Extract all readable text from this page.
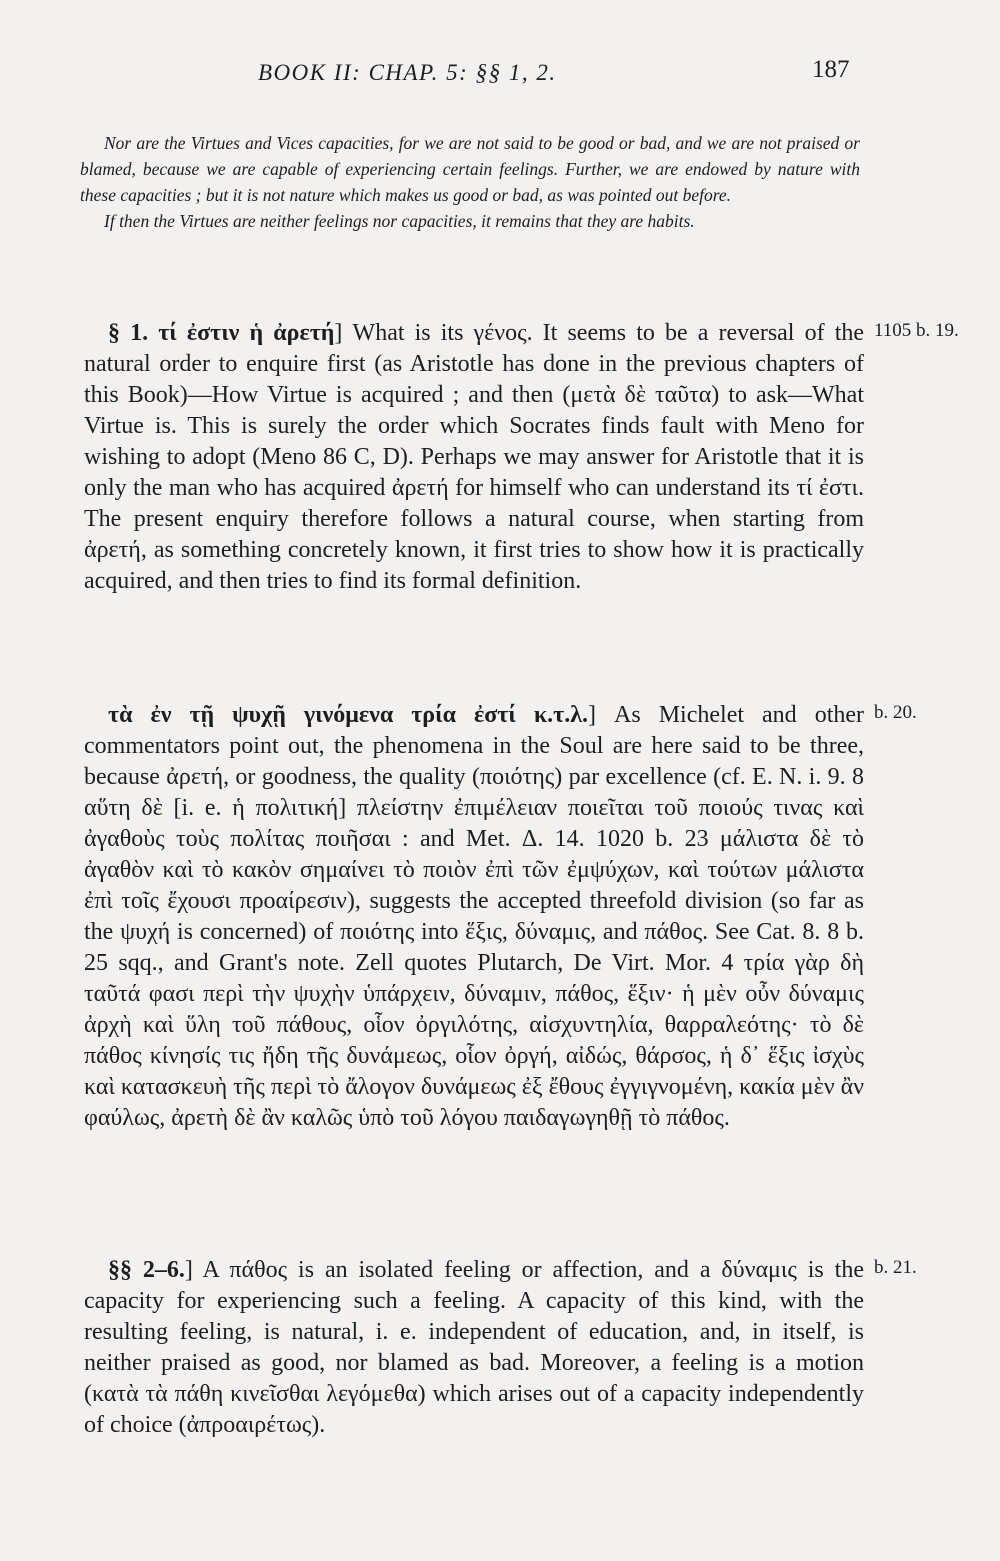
BOOK II: CHAP. 5: §§ 1, 2.	187

Nor are the Virtues and Vices capacities, for we are not said to be good or bad, and we are not praised or blamed, because we are capable of experiencing certain feelings. Further, we are endowed by nature with these capacities ; but it is not nature which makes us good or bad, as was pointed out before.

If then the Virtues are neither feelings nor capacities, it remains that they are habits.

1105 b. 19.

§ 1. τί ἐστιν ἡ ἀρετή] What is its γένος. It seems to be a reversal of the natural order to enquire first (as Aristotle has done in the previous chapters of this Book)—How Virtue is acquired ; and then (μετὰ δὲ ταῦτα) to ask—What Virtue is. This is surely the order which Socrates finds fault with Meno for wishing to adopt (Meno 86 C, D). Perhaps we may answer for Aristotle that it is only the man who has acquired ἀρετή for himself who can understand its τί ἐστι. The present enquiry therefore follows a natural course, when starting from ἀρετή, as something concretely known, it first tries to show how it is practically acquired, and then tries to find its formal definition.

b. 20.

τὰ ἐν τῇ ψυχῇ γινόμενα τρία ἐστί κ.τ.λ.] As Michelet and other commentators point out, the phenomena in the Soul are here said to be three, because ἀρετή, or goodness, the quality (ποιότης) par excellence (cf. E. N. i. 9. 8 αὕτη δὲ [i. e. ἡ πολιτική] πλείστην ἐπιμέλειαν ποιεῖται τοῦ ποιούς τινας καὶ ἀγαθοὺς τοὺς πολίτας ποιῆσαι : and Met. Δ. 14. 1020 b. 23 μάλιστα δὲ τὸ ἀγαθὸν καὶ τὸ κακὸν σημαίνει τὸ ποιὸν ἐπὶ τῶν ἐμψύχων, καὶ τούτων μάλιστα ἐπὶ τοῖς ἔχουσι προαίρεσιν), suggests the accepted threefold division (so far as the ψυχή is concerned) of ποιότης into ἕξις, δύναμις, and πάθος. See Cat. 8. 8 b. 25 sqq., and Grant's note. Zell quotes Plutarch, De Virt. Mor. 4 τρία γὰρ δὴ ταῦτά φασι περὶ τὴν ψυχὴν ὑπάρχειν, δύναμιν, πάθος, ἕξιν· ἡ μὲν οὖν δύναμις ἀρχὴ καὶ ὕλη τοῦ πάθους, οἷον ὀργιλότης, αἰσχυντηλία, θαρραλεότης· τὸ δὲ πάθος κίνησίς τις ἤδη τῆς δυνάμεως, οἷον ὀργή, αἰδώς, θάρσος, ἡ δ᾽ ἕξις ἰσχὺς καὶ κατασκευὴ τῆς περὶ τὸ ἄλογον δυνάμεως ἐξ ἔθους ἐγγιγνομένη, κακία μὲν ἂν φαύλως, ἀρετὴ δὲ ἂν καλῶς ὑπὸ τοῦ λόγου παιδαγωγηθῇ τὸ πάθος.

b. 21.

§§ 2–6.] A πάθος is an isolated feeling or affection, and a δύναμις is the capacity for experiencing such a feeling. A capacity of this kind, with the resulting feeling, is natural, i. e. independent of education, and, in itself, is neither praised as good, nor blamed as bad. Moreover, a feeling is a motion (κατὰ τὰ πάθη κινεῖσθαι λεγόμεθα) which arises out of a capacity independently of choice (ἀπροαιρέτως).
